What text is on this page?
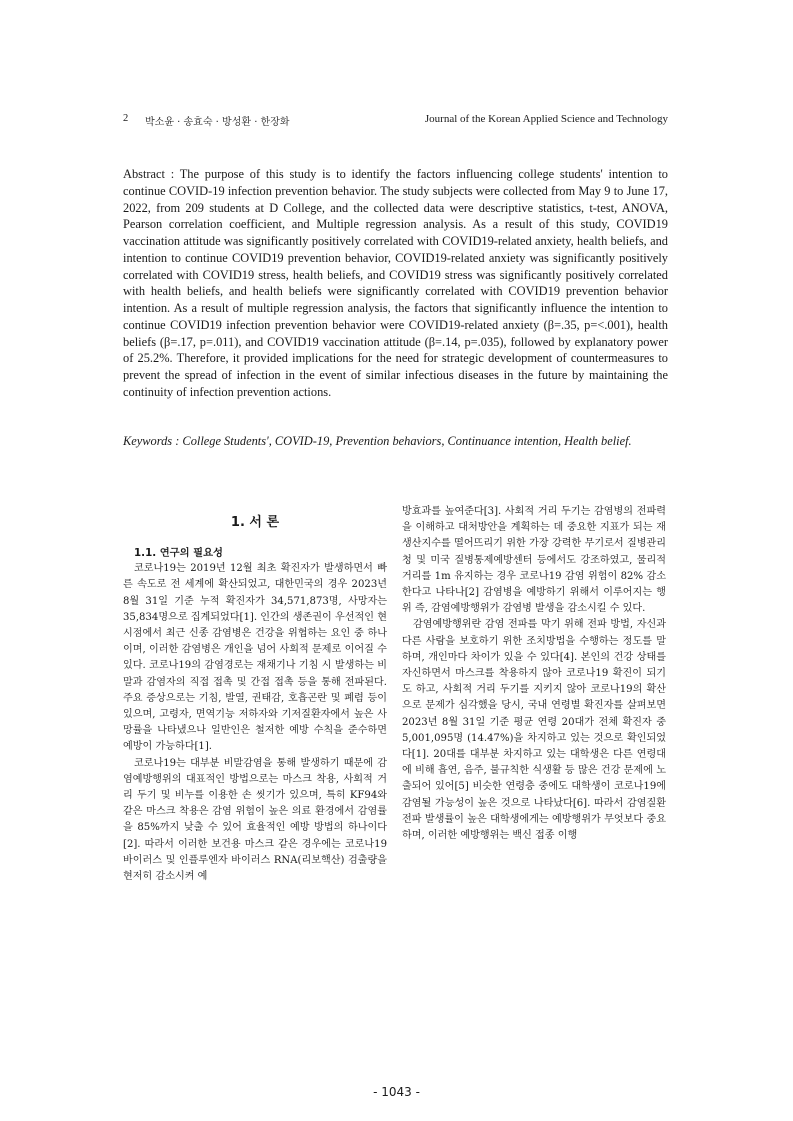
2 박소윤 · 송효숙 · 방성환 · 한장화	Journal of the Korean Applied Science and Technology

Abstract : The purpose of this study is to identify the factors influencing college students' intention to continue COVID-19 infection prevention behavior. The study subjects were collected from May 9 to June 17, 2022, from 209 students at D College, and the collected data were descriptive statistics, t-test, ANOVA, Pearson correlation coefficient, and Multiple regression analysis. As a result of this study, COVID19 vaccination attitude was significantly positively correlated with COVID19-related anxiety, health beliefs, and intention to continue COVID19 prevention behavior, COVID19-related anxiety was significantly positively correlated with COVID19 stress, health beliefs, and COVID19 stress was significantly positively correlated with health beliefs, and health beliefs were significantly correlated with COVID19 prevention behavior intention. As a result of multiple regression analysis, the factors that significantly influence the intention to continue COVID19 infection prevention behavior were COVID19-related anxiety (β=.35, p=<.001), health beliefs (β=.17, p=.011), and COVID19 vaccination attitude (β=.14, p=.035), followed by explanatory power of 25.2%. Therefore, it provided implications for the need for strategic development of countermeasures to prevent the spread of infection in the event of similar infectious diseases in the future by maintaining the continuity of infection prevention actions.

Keywords : College Students', COVID-19, Prevention behaviors, Continuance intention, Health belief.

1. 서 론

1.1. 연구의 필요성

코로나19는 2019년 12월 최초 확진자가 발생하면서 빠른 속도로 전 세계에 확산되었고, 대한민국의 경우 2023년 8월 31일 기준 누적 확진자가 34,571,873명, 사망자는 35,834명으로 집계되었다[1]. 인간의 생존권이 우선적인 현시점에서 최근 신종 감염병은 건강을 위협하는 요인 중 하나이며, 이러한 감염병은 개인을 넘어 사회적 문제로 이어질 수 있다. 코로나19의 감염경로는 재채기나 기침 시 발생하는 비말과 감염자의 직접 접촉 및 간접 접촉 등을 통해 전파된다. 주요 증상으로는 기침, 발열, 권태감, 호흡곤란 및 폐렴 등이 있으며, 고령자, 면역기능 저하자와 기저질환자에서 높은 사망률을 나타냈으나 일반인은 철저한 예방 수칙을 준수하면 예방이 가능하다[1].

코로나19는 대부분 비말감염을 통해 발생하기 때문에 감염예방행위의 대표적인 방법으로는 마스크 착용, 사회적 거리 두기 및 비누를 이용한 손 씻기가 있으며, 특히 KF94와 같은 마스크 착용은 감염 위험이 높은 의료 환경에서 감염률을 85%까지 낮출 수 있어 효율적인 예방 방법의 하나이다[2]. 따라서 이러한 보건용 마스크 같은 경우에는 코로나19 바이러스 및 인플루엔자 바이러스 RNA(리보핵산) 검출량을 현저히 감소시켜 예

방효과를 높여준다[3]. 사회적 거리 두기는 감염병의 전파력을 이해하고 대처방안을 계획하는 데 중요한 지표가 되는 재생산지수를 떨어뜨리기 위한 가장 강력한 무기로서 질병관리청 및 미국 질병통제예방센터 등에서도 강조하였고, 물리적 거리를 1m 유지하는 경우 코로나19 감염 위험이 82% 감소한다고 나타나[2] 감염병을 예방하기 위해서 이루어지는 행위 즉, 감염예방행위가 감염병 발생을 감소시킬 수 있다.

감염예방행위란 감염 전파를 막기 위해 전파 방법, 자신과 다른 사람을 보호하기 위한 조치방법을 수행하는 정도를 말하며, 개인마다 차이가 있을 수 있다[4]. 본인의 건강 상태를 자신하면서 마스크를 착용하지 않아 코로나19 확진이 되기도 하고, 사회적 거리 두기를 지키지 않아 코로나19의 확산으로 문제가 심각했을 당시, 국내 연령별 확진자를 살펴보면 2023년 8월 31일 기준 평균 연령 20대가 전체 확진자 중 5,001,095명 (14.47%)을 차지하고 있는 것으로 확인되었다[1]. 20대를 대부분 차지하고 있는 대학생은 다른 연령대에 비해 흡연, 음주, 불규칙한 식생활 등 많은 건강 문제에 노출되어 있어[5] 비슷한 연령층 중에도 대학생이 코로나19에 감염될 가능성이 높은 것으로 나타났다[6]. 따라서 감염질환 전파 발생률이 높은 대학생에게는 예방행위가 무엇보다 중요하며, 이러한 예방행위는 백신 접종 이행

- 1043 -
